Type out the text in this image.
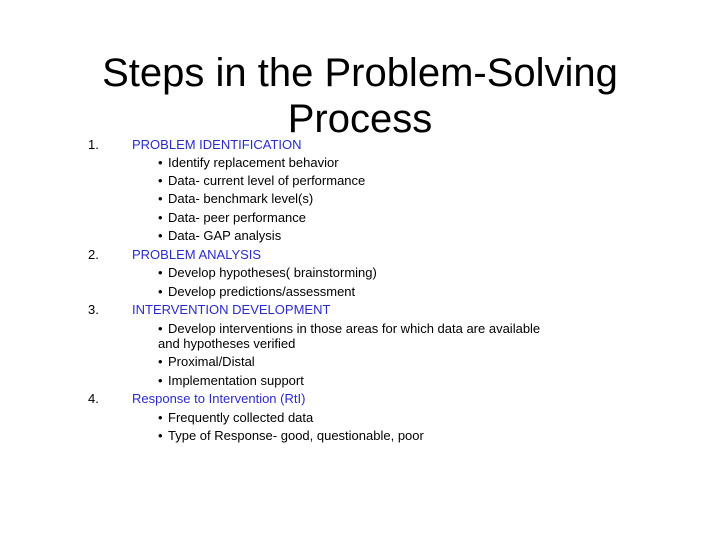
Steps in the Problem-Solving
Process
1.	PROBLEM IDENTIFICATION
• Identify replacement behavior
• Data- current level of performance
• Data- benchmark level(s)
• Data- peer performance
• Data- GAP analysis
2.	PROBLEM ANALYSIS
• Develop hypotheses( brainstorming)
• Develop predictions/assessment
3.	INTERVENTION DEVELOPMENT
• Develop interventions in those areas for which data are available
and hypotheses verified
• Proximal/Distal
• Implementation support
4.	Response to Intervention (RtI)
• Frequently collected data
• Type of Response- good, questionable, poor
